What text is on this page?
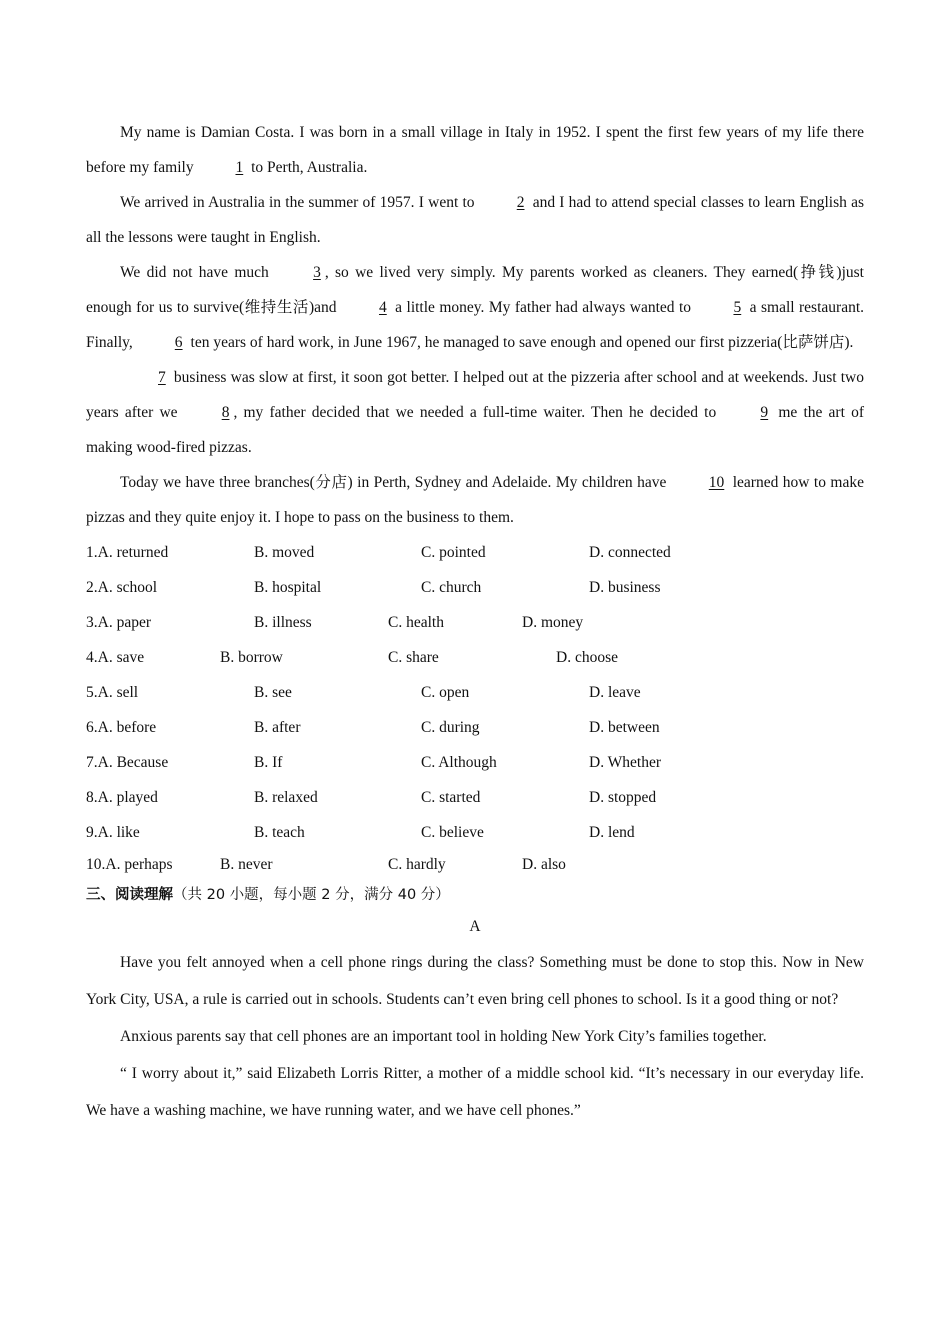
My name is Damian Costa. I was born in a small village in Italy in 1952. I spent the first few years of my life there before my family 1 to Perth, Australia.

We arrived in Australia in the summer of 1957. I went to 2 and I had to attend special classes to learn English as all the lessons were taught in English.

We did not have much 3 , so we lived very simply. My parents worked as cleaners. They earned(挣钱)just enough for us to survive(维持生活)and 4 a little money. My father had always wanted to 5 a small restaurant. Finally, 6 ten years of hard work, in June 1967, he managed to save enough and opened our first pizzeria(比萨饼店).

7 business was slow at first, it soon got better. I helped out at the pizzeria after school and at weekends. Just two years after we 8 , my father decided that we needed a full-time waiter. Then he decided to 9 me the art of making wood-fired pizzas.

Today we have three branches(分店) in Perth, Sydney and Adelaide. My children have 10 learned how to make pizzas and they quite enjoy it. I hope to pass on the business to them.

1.A. returned	B. moved	C. pointed	D. connected
2.A. school	B. hospital	C. church	D. business
3.A. paper	B. illness	C. health	D. money
4.A. save	B. borrow	C. share	D. choose
5.A. sell	B. see	C. open	D. leave
6.A. before	B. after	C. during	D. between
7.A. Because	B. If	C. Although	D. Whether
8.A. played	B. relaxed	C. started	D. stopped
9.A. like	B. teach	C. believe	D. lend
10.A. perhaps	B. never	C. hardly	D. also
三、阅读理解（共 20 小题，每小题 2 分，满分 40 分）
A

Have you felt annoyed when a cell phone rings during the class? Something must be done to stop this. Now in New York City, USA, a rule is carried out in schools. Students can’t even bring cell phones to school. Is it a good thing or not?

Anxious parents say that cell phones are an important tool in holding New York City’s families together.

“ I worry about it,” said Elizabeth Lorris Ritter, a mother of a middle school kid. “It’s necessary in our everyday life. We have a washing machine, we have running water, and we have cell phones.”
